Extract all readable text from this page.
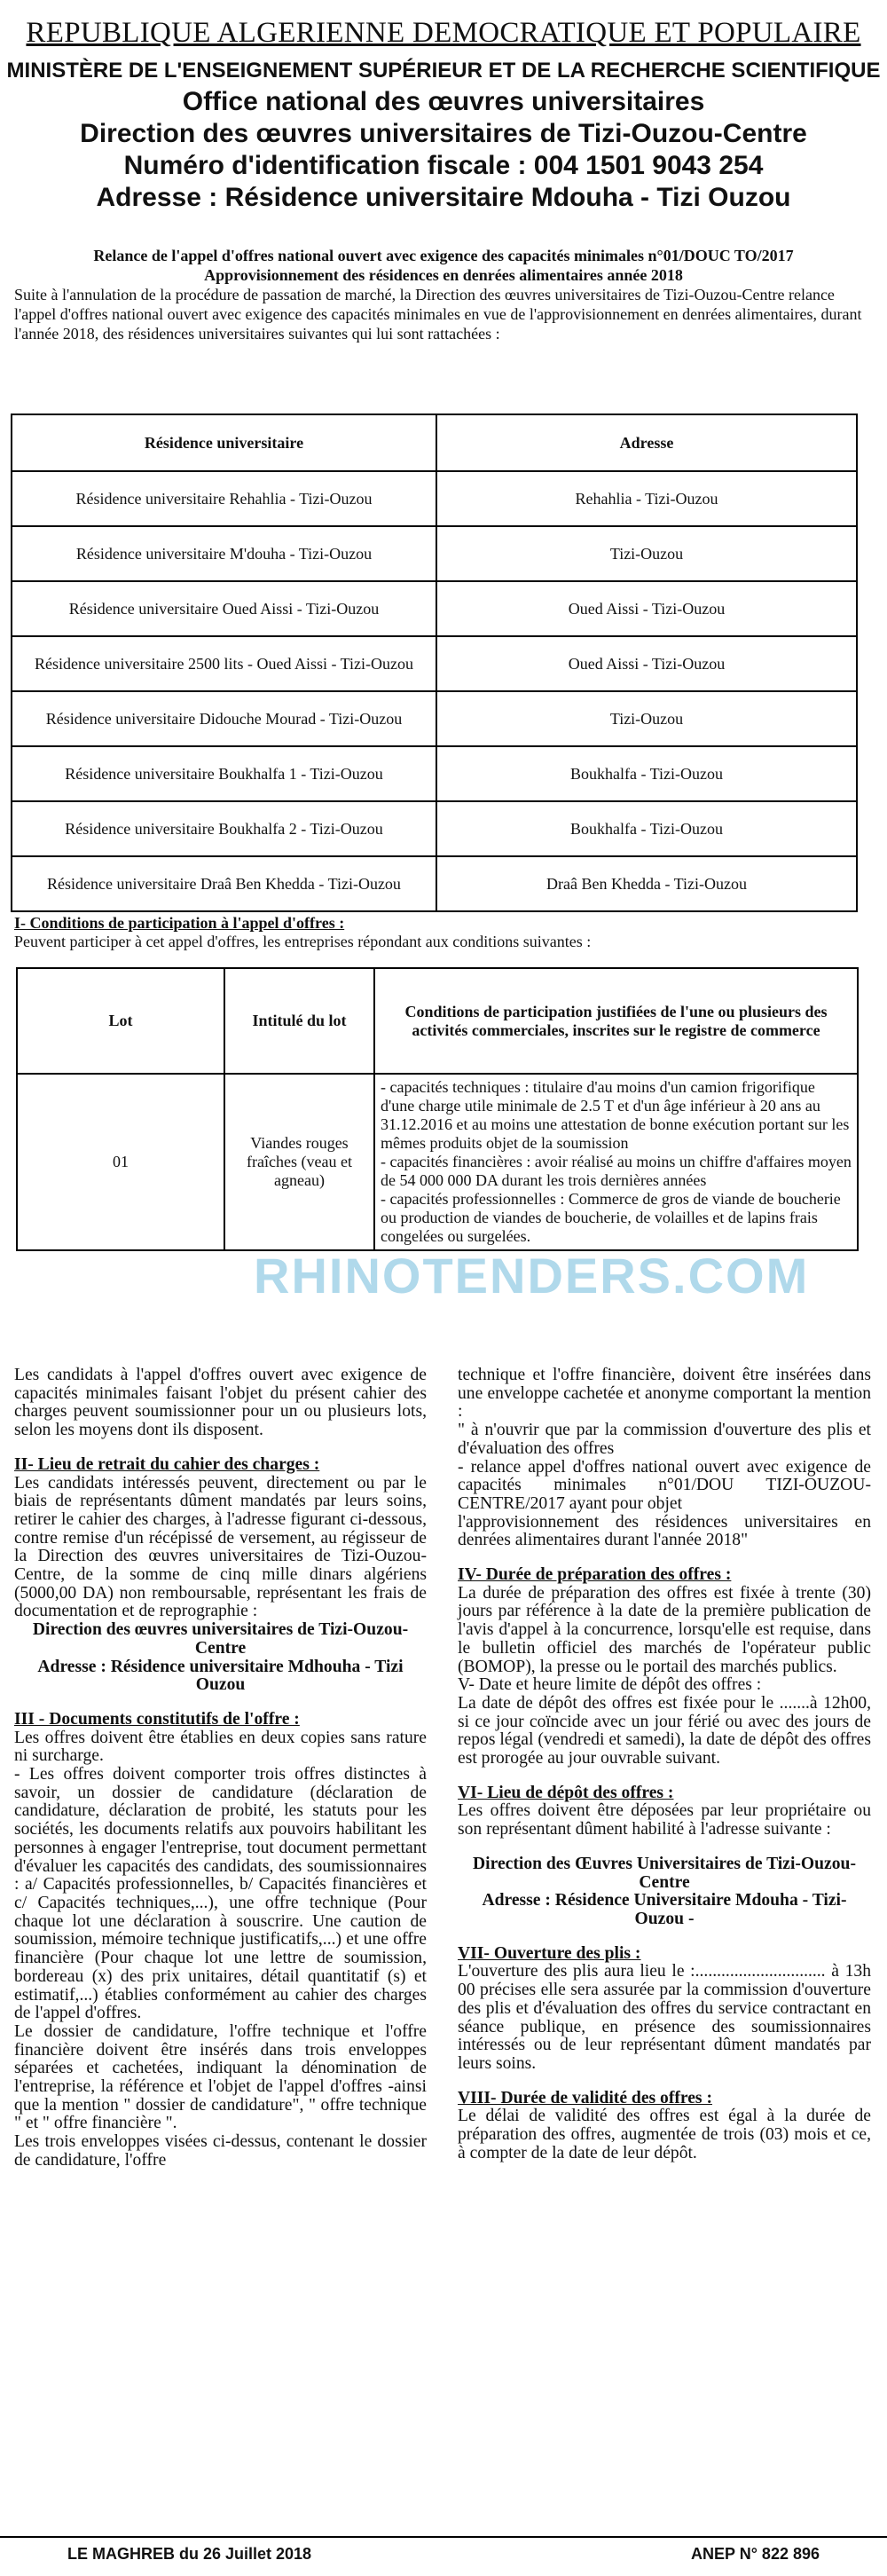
REPUBLIQUE ALGERIENNE DEMOCRATIQUE ET POPULAIRE
MINISTÈRE DE L'ENSEIGNEMENT SUPÉRIEUR ET DE LA RECHERCHE SCIENTIFIQUE
Office national des œuvres universitaires
Direction des œuvres universitaires de Tizi-Ouzou-Centre
Numéro d'identification fiscale : 004 1501 9043 254
Adresse : Résidence universitaire Mdouha - Tizi Ouzou
Relance de l'appel d'offres national ouvert avec exigence des capacités minimales n°01/DOUC TO/2017 Approvisionnement des résidences en denrées alimentaires année 2018
Suite à l'annulation de la procédure de passation de marché, la Direction des œuvres universitaires de Tizi-Ouzou-Centre relance l'appel d'offres national ouvert avec exigence des capacités minimales en vue de l'approvisionnement en denrées alimentaires, durant l'année 2018, des résidences universitaires suivantes qui lui sont rattachées :
Résidence universitaire	Adresse
Résidence universitaire Rehahlia - Tizi-Ouzou	Rehahlia - Tizi-Ouzou
Résidence universitaire M'douha - Tizi-Ouzou	Tizi-Ouzou
Résidence universitaire Oued Aissi - Tizi-Ouzou	Oued Aissi - Tizi-Ouzou
Résidence universitaire 2500 lits - Oued Aissi - Tizi-Ouzou	Oued Aissi - Tizi-Ouzou
Résidence universitaire Didouche Mourad - Tizi-Ouzou	Tizi-Ouzou
Résidence universitaire Boukhalfa 1 - Tizi-Ouzou	Boukhalfa - Tizi-Ouzou
Résidence universitaire Boukhalfa 2 - Tizi-Ouzou	Boukhalfa - Tizi-Ouzou
Résidence universitaire Draâ Ben Khedda - Tizi-Ouzou	Draâ Ben Khedda - Tizi-Ouzou
I- Conditions de participation à l'appel d'offres :
Peuvent participer à cet appel d'offres, les entreprises répondant aux conditions suivantes :
Lot	Intitulé du lot	Conditions de participation justifiées de l'une ou plusieurs des activités commerciales, inscrites sur le registre de commerce
01	Viandes rouges fraîches (veau et agneau)	- capacités techniques : titulaire d'au moins d'un camion frigorifique d'une charge utile minimale de 2.5 T et d'un âge inférieur à 20 ans au 31.12.2016 et au moins une attestation de bonne exécution portant sur les mêmes produits objet de la soumission
- capacités financières : avoir réalisé au moins un chiffre d'affaires moyen de 54 000 000 DA durant les trois dernières années
- capacités professionnelles : Commerce de gros de viande de boucherie ou production de viandes de boucherie, de volailles et de lapins frais congelées ou surgelées.
RHINOTENDERS.COM

Les candidats à l'appel d'offres ouvert avec exigence de capacités minimales faisant l'objet du présent cahier des charges peuvent soumissionner pour un ou plusieurs lots, selon les moyens dont ils disposent.

II- Lieu de retrait du cahier des charges :

Les candidats intéressés peuvent, directement ou par le biais de représentants dûment mandatés par leurs soins, retirer le cahier des charges, à l'adresse figurant ci-dessous, contre remise d'un récépissé de versement, au régisseur de la Direction des œuvres universitaires de Tizi-Ouzou-Centre, de la somme de cinq mille dinars algériens (5000,00 DA) non remboursable, représentant les frais de documentation et de reprographie :

Direction des œuvres universitaires de Tizi-Ouzou-Centre

Adresse : Résidence universitaire Mdhouha - Tizi Ouzou

III - Documents constitutifs de l'offre :

Les offres doivent être établies en deux copies sans rature ni surcharge.

- Les offres doivent comporter trois offres distinctes à savoir, un dossier de candidature (déclaration de candidature, déclaration de probité, les statuts pour les sociétés, les documents relatifs aux pouvoirs habilitant les personnes à engager l'entreprise, tout document permettant d'évaluer les capacités des candidats, des soumissionnaires : a/ Capacités professionnelles, b/ Capacités financières et c/ Capacités techniques,...), une offre technique (Pour chaque lot une déclaration à souscrire. Une caution de soumission, mémoire technique justificatifs,...) et une offre financière (Pour chaque lot une lettre de soumission, bordereau (x) des prix unitaires, détail quantitatif (s) et estimatif,...) établies conformément au cahier des charges de l'appel d'offres.

Le dossier de candidature, l'offre technique et l'offre financière doivent être insérés dans trois enveloppes séparées et cachetées, indiquant la dénomination de l'entreprise, la référence et l'objet de l'appel d'offres -ainsi que la mention " dossier de candidature", " offre technique " et " offre financière ".

Les trois enveloppes visées ci-dessus, contenant le dossier de candidature, l'offre

technique et l'offre financière, doivent être insérées dans une enveloppe cachetée et anonyme comportant la mention :

" à n'ouvrir que par la commission d'ouverture des plis et d'évaluation des offres

- relance appel d'offres national ouvert avec exigence de capacités minimales n°01/DOU TIZI-OUZOU-CENTRE/2017 ayant pour objet

l'approvisionnement des résidences universitaires en denrées alimentaires durant l'année 2018"

IV- Durée de préparation des offres :

La durée de préparation des offres est fixée à trente (30) jours par référence à la date de la première publication de l'avis d'appel à la concurrence, lorsqu'elle est requise, dans le bulletin officiel des marchés de l'opérateur public (BOMOP), la presse ou le portail des marchés publics.

V- Date et heure limite de dépôt des offres :

La date de dépôt des offres est fixée pour le .......à 12h00, si ce jour coïncide avec un jour férié ou avec des jours de repos légal (vendredi et samedi), la date de dépôt des offres est prorogée au jour ouvrable suivant.

VI- Lieu de dépôt des offres :

Les offres doivent être déposées par leur propriétaire ou son représentant dûment habilité à l'adresse suivante :

Direction des Œuvres Universitaires de Tizi-Ouzou-Centre

Adresse : Résidence Universitaire Mdouha - Tizi-Ouzou -

VII- Ouverture des plis :

L'ouverture des plis aura lieu le :.............................. à 13h 00 précises elle sera assurée par la commission d'ouverture des plis et d'évaluation des offres du service contractant en séance publique, en présence des soumissionnaires intéressés ou de leur représentant dûment mandatés par leurs soins.

VIII- Durée de validité des offres :

Le délai de validité des offres est égal à la durée de préparation des offres, augmentée de trois (03) mois et ce, à compter de la date de leur dépôt.

LE MAGHREB du 26 Juillet 2018	ANEP N° 822 896
